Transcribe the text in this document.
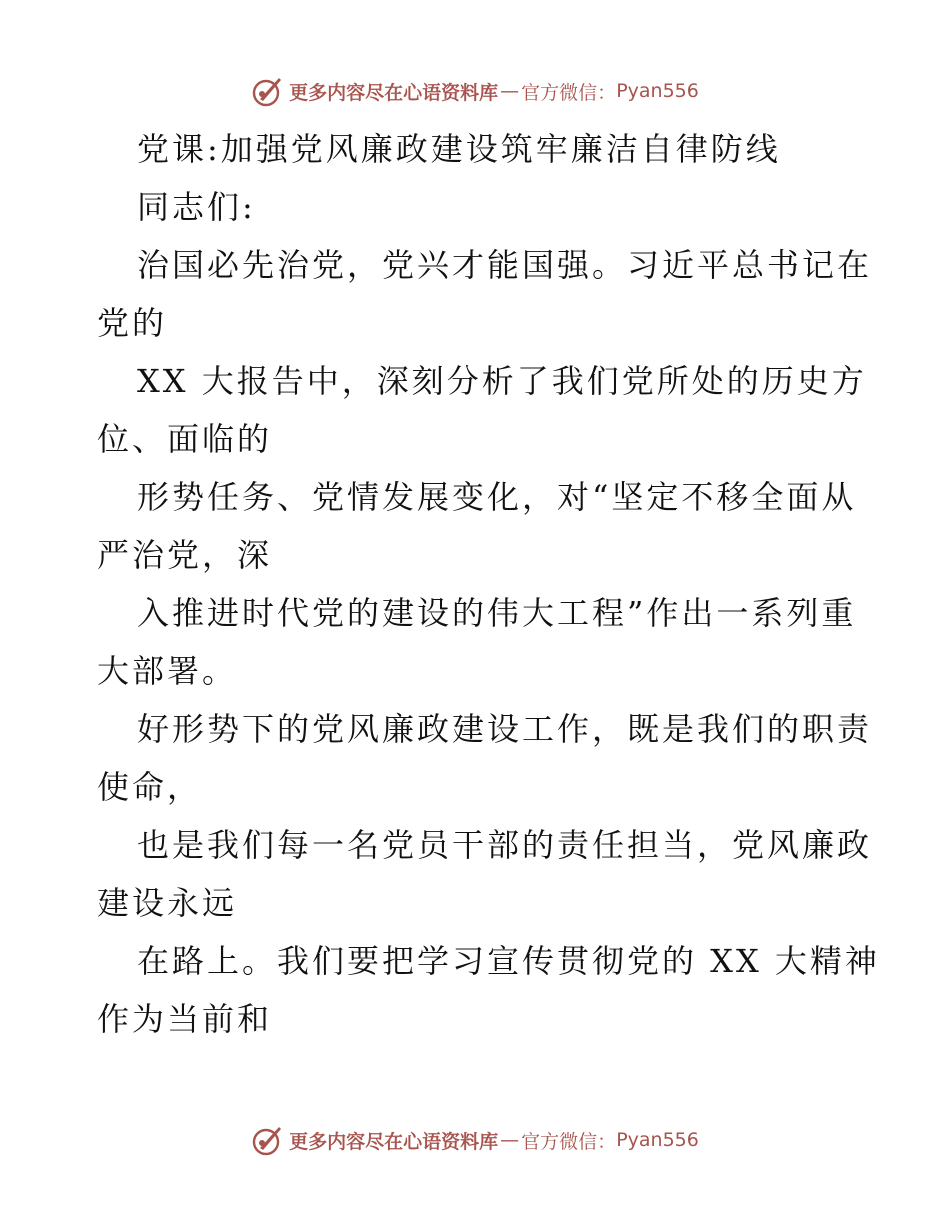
更多内容尽在心语资料库 — 官方微信： Pyan556
党课:加强党风廉政建设筑牢廉洁自律防线
同志们:
治国必先治党，党兴才能国强。习近平总书记在
党的
XX 大报告中，深刻分析了我们党所处的历史方
位、面临的
形势任务、党情发展变化，对“坚定不移全面从
严治党，深
入推进时代党的建设的伟大工程”作出一系列重
大部署。
好形势下的党风廉政建设工作，既是我们的职责
使命，
也是我们每一名党员干部的责任担当，党风廉政
建设永远
在路上。我们要把学习宣传贯彻党的 XX 大精神
作为当前和
更多内容尽在心语资料库 — 官方微信： Pyan556
